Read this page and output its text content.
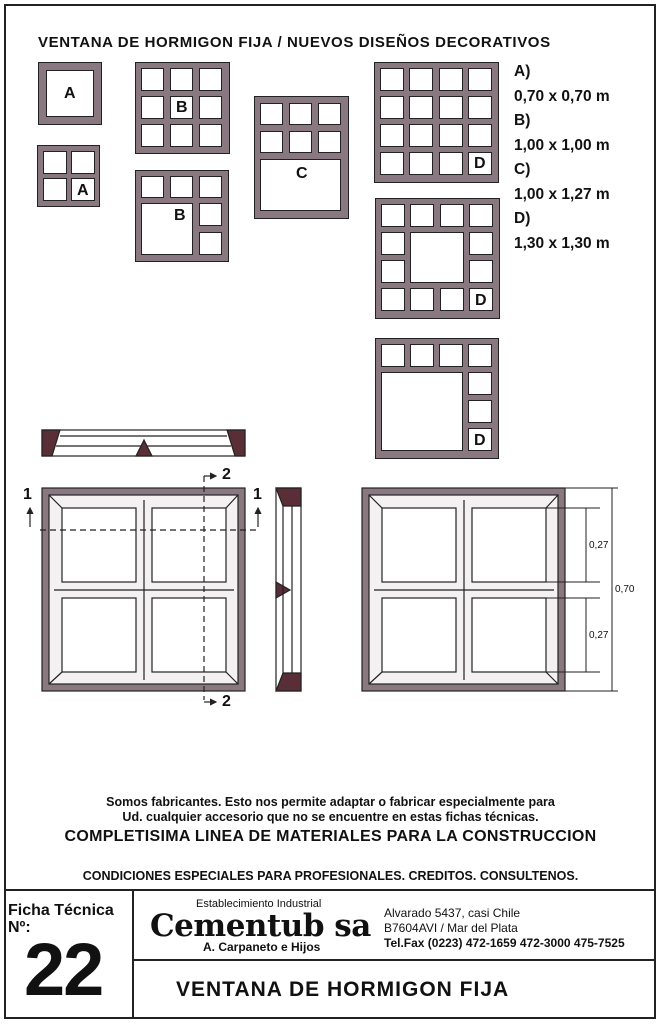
VENTANA DE HORMIGON FIJA / NUEVOS DISEÑOS DECORATIVOS
A)
0,70 x 0,70 m
B)
1,00 x 1,00 m
C)
1,00 x 1,27 m
D)
1,30 x 1,30 m
A
A
B
B
C
D
D
D
1	1
2
2
0,27
0,27
0,70
Somos fabricantes. Esto nos permite adaptar o fabricar especialmente para
Ud. cualquier accesorio que no se encuentre en estas fichas técnicas.
COMPLETISIMA LINEA DE MATERIALES PARA LA CONSTRUCCION
CONDICIONES ESPECIALES PARA PROFESIONALES. CREDITOS. CONSULTENOS.
Ficha Técnica
Nº:
22
Establecimiento Industrial
Cementub sa
A. Carpaneto e Hijos
Alvarado 5437, casi Chile
B7604AVI / Mar del Plata
Tel.Fax (0223) 472-1659 472-3000 475-7525
VENTANA DE HORMIGON FIJA
